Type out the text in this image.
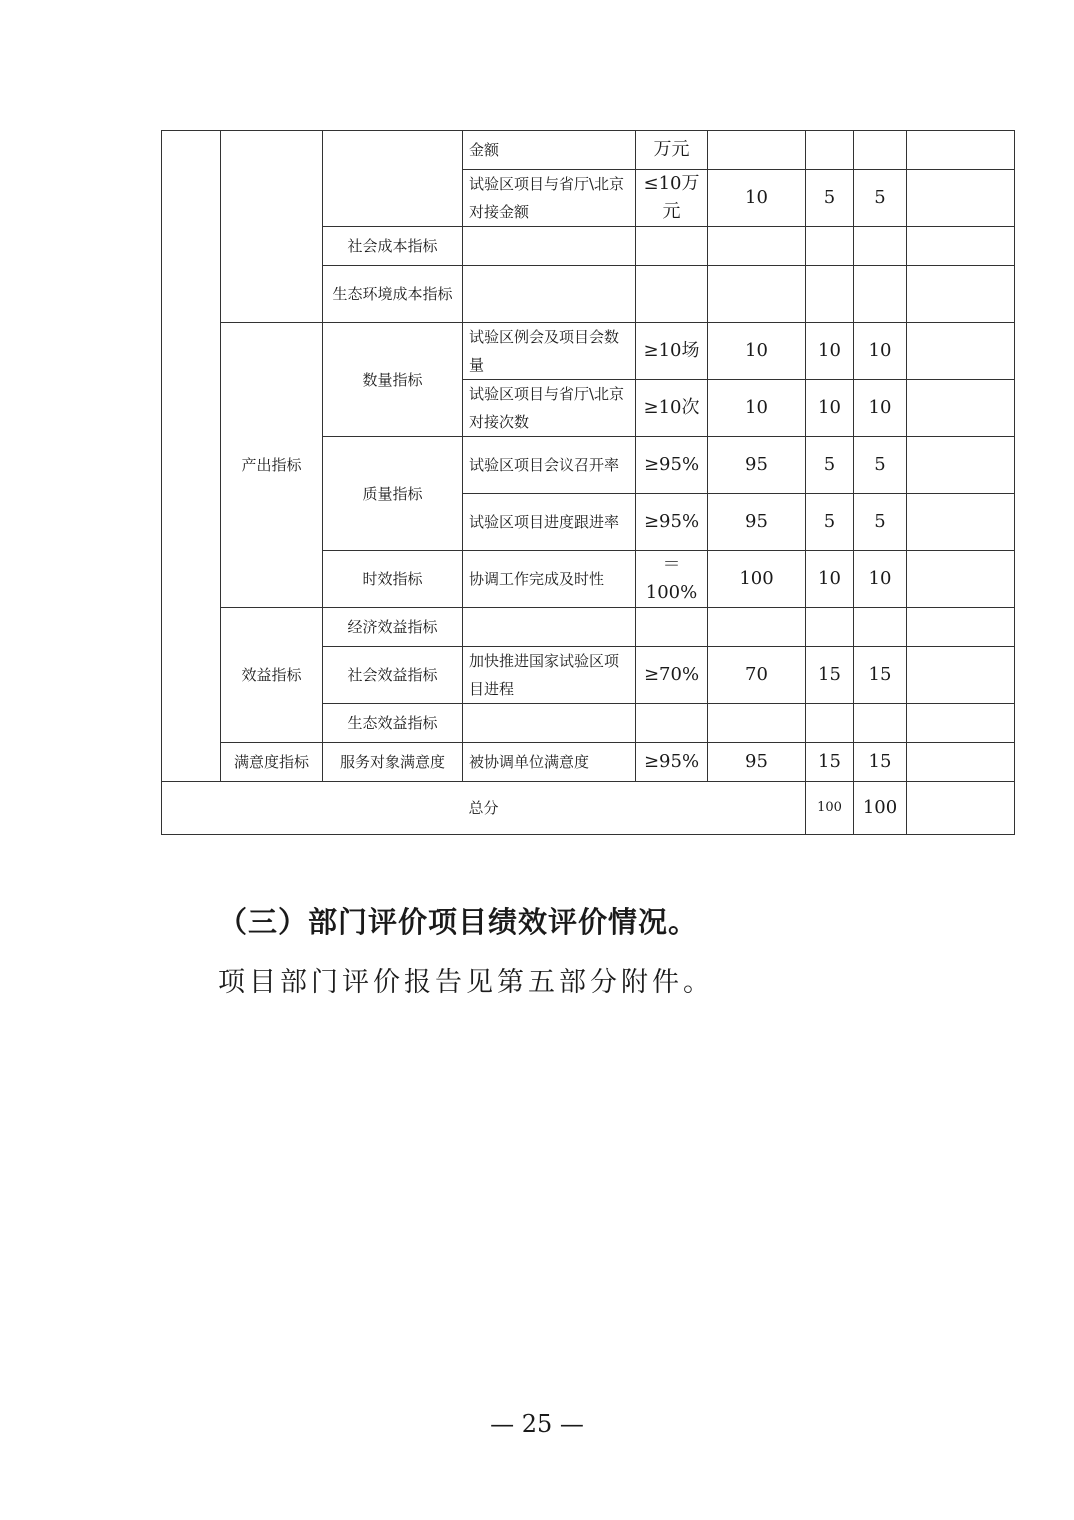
			金额	万元				
			试验区项目与省厅\北京对接金额	≤10万元	10	5	5	
		社会成本指标						
		生态环境成本指标						
	产出指标	数量指标	试验区例会及项目会数量	≥10场	10	10	10	
			试验区项目与省厅\北京对接次数	≥10次	10	10	10	
		质量指标	试验区项目会议召开率	≥95%	95	5	5	
			试验区项目进度跟进率	≥95%	95	5	5	
		时效指标	协调工作完成及时性	＝100%	100	10	10	
	效益指标	经济效益指标						
		社会效益指标	加快推进国家试验区项目进程	≥70%	70	15	15	
		生态效益指标						
	满意度指标	服务对象满意度	被协调单位满意度	≥95%	95	15	15	
总分						100	100	
（三）部门评价项目绩效评价情况。
项目部门评价报告见第五部分附件。
— 25 —
